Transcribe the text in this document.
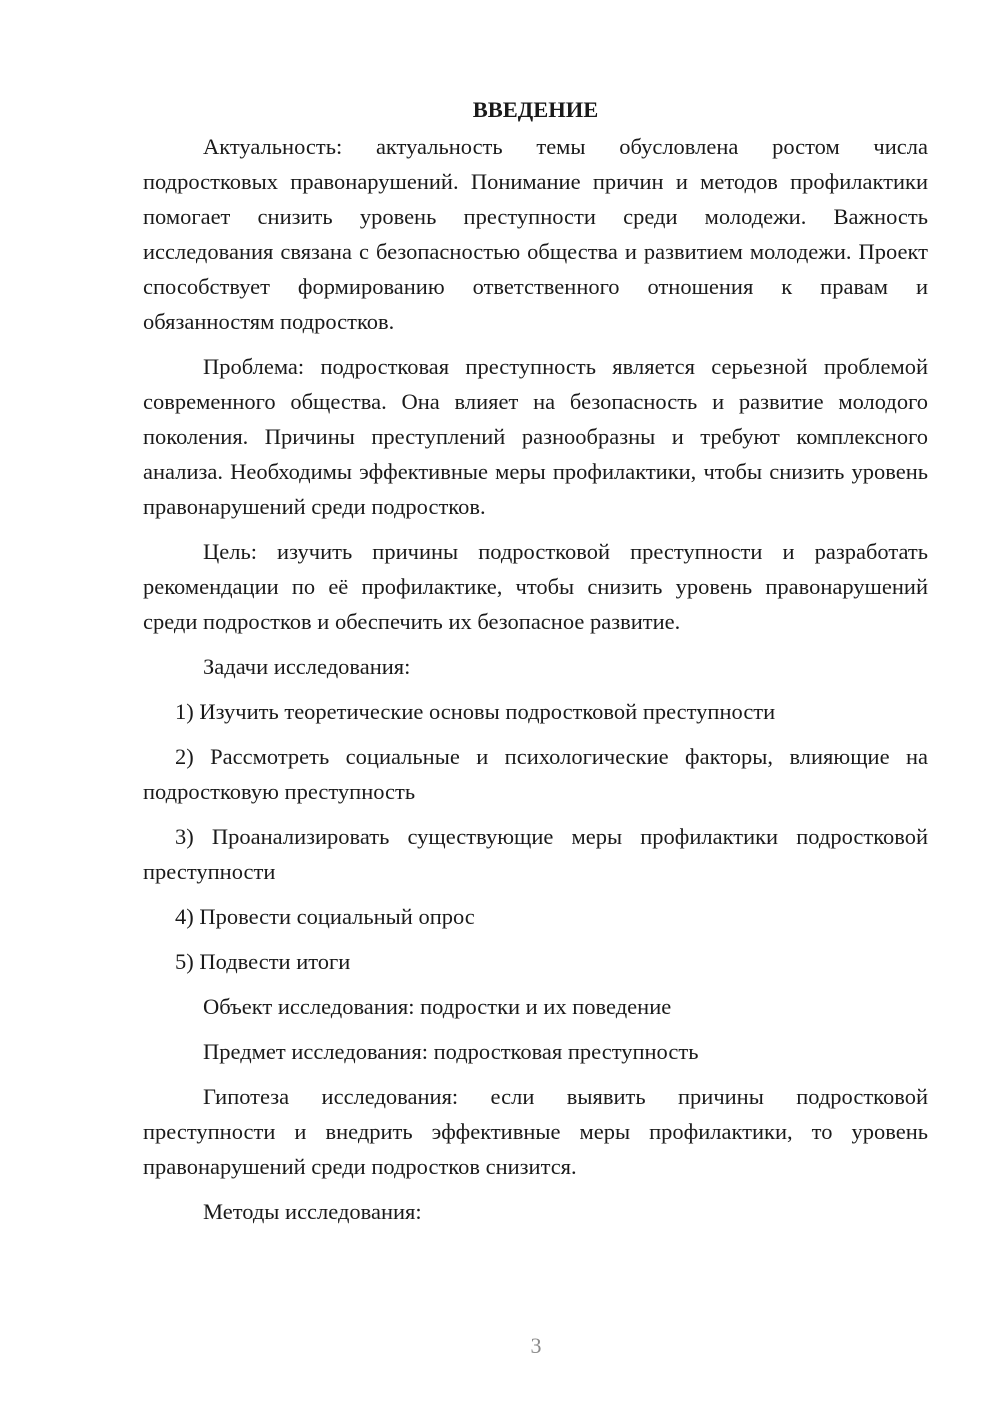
ВВЕДЕНИЕ

Актуальность: актуальность темы обусловлена ростом числа подростковых правонарушений. Понимание причин и методов профилактики помогает снизить уровень преступности среди молодежи. Важность исследования связана с безопасностью общества и развитием молодежи. Проект способствует формированию ответственного отношения к правам и обязанностям подростков.

Проблема: подростковая преступность является серьезной проблемой современного общества. Она влияет на безопасность и развитие молодого поколения. Причины преступлений разнообразны и требуют комплексного анализа. Необходимы эффективные меры профилактики, чтобы снизить уровень правонарушений среди подростков.

Цель: изучить причины подростковой преступности и разработать рекомендации по её профилактике, чтобы снизить уровень правонарушений среди подростков и обеспечить их безопасное развитие.

Задачи исследования:

1) Изучить теоретические основы подростковой преступности

2) Рассмотреть социальные и психологические факторы, влияющие на подростковую преступность

3) Проанализировать существующие меры профилактики подростковой преступности

4) Провести социальный опрос

5) Подвести итоги

Объект исследования: подростки и их поведение

Предмет исследования: подростковая преступность

Гипотеза исследования: если выявить причины подростковой преступности и внедрить эффективные меры профилактики, то уровень правонарушений среди подростков снизится.

Методы исследования:

3
